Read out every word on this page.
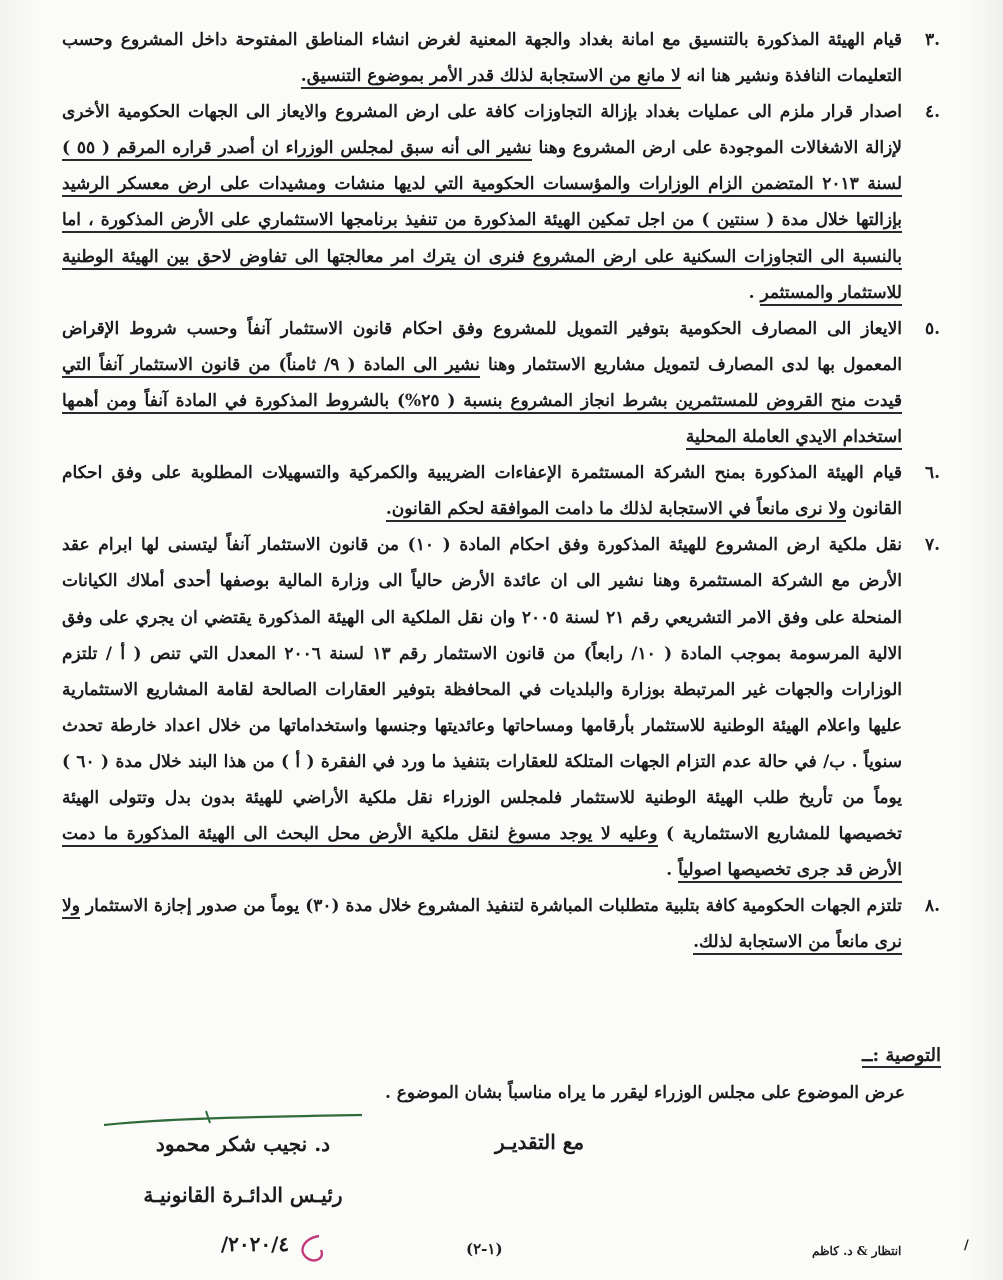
.٣
قيام الهيئة المذكورة بالتنسيق مع امانة بغداد والجهة المعنية لغرض انشاء المناطق المفتوحة داخل المشروع وحسب التعليمات النافذة ونشير هنا انه لا مانع من الاستجابة لذلك قدر الأمر بموضوع التنسيق.

.٤
اصدار قرار ملزم الى عمليات بغداد بإزالة التجاوزات كافة على ارض المشروع والايعاز الى الجهات الحكومية الأخرى لإزالة الاشغالات الموجودة على ارض المشروع وهنا نشير الى أنه سبق لمجلس الوزراء ان أصدر قراره المرقم ( ٥٥ ) لسنة ٢٠١٣ المتضمن الزام الوزارات والمؤسسات الحكومية التي لديها منشات ومشيدات على ارض معسكر الرشيد بإزالتها خلال مدة ( سنتين ) من اجل تمكين الهيئة المذكورة من تنفيذ برنامجها الاستثماري على الأرض المذكورة ، اما بالنسبة الى التجاوزات السكنية على ارض المشروع فنرى ان يترك امر معالجتها الى تفاوض لاحق بين الهيئة الوطنية للاستثمار والمستثمر .

.٥
الايعاز الى المصارف الحكومية بتوفير التمويل للمشروع وفق احكام قانون الاستثمار آنفاً وحسب شروط الإقراض المعمول بها لدى المصارف لتمويل مشاريع الاستثمار وهنا نشير الى المادة ( ٩/ ثامناً) من قانون الاستثمار آنفاً التي قيدت منح القروض للمستثمرين بشرط انجاز المشروع بنسبة ( ٢٥%) بالشروط المذكورة في المادة آنفاً ومن أهمها استخدام الايدي العاملة المحلية

.٦
قيام الهيئة المذكورة بمنح الشركة المستثمرة الإعفاءات الضريبية والكمركية والتسهيلات المطلوبة على وفق احكام القانون ولا نرى مانعاً في الاستجابة لذلك ما دامت الموافقة لحكم القانون.

.٧
نقل ملكية ارض المشروع للهيئة المذكورة وفق احكام المادة ( ١٠) من قانون الاستثمار آنفاً ليتسنى لها ابرام عقد الأرض مع الشركة المستثمرة وهنا نشير الى ان عائدة الأرض حالياً الى وزارة المالية بوصفها أحدى أملاك الكيانات المنحلة على وفق الامر التشريعي رقم ٢١ لسنة ٢٠٠٥ وان نقل الملكية الى الهيئة المذكورة يقتضي ان يجري على وفق الالية المرسومة بموجب المادة ( ١٠/ رابعاً) من قانون الاستثمار رقم ١٣ لسنة ٢٠٠٦ المعدل التي تنص ( أ / تلتزم الوزارات والجهات غير المرتبطة بوزارة والبلديات في المحافظة بتوفير العقارات الصالحة لقامة المشاريع الاستثمارية عليها واعلام الهيئة الوطنية للاستثمار بأرقامها ومساحاتها وعائديتها وجنسها واستخداماتها من خلال اعداد خارطة تحدث سنوياً . ب/ في حالة عدم التزام الجهات المتلكة للعقارات بتنفيذ ما ورد في الفقرة ( أ ) من هذا البند خلال مدة ( ٦٠ ) يوماً من تأريخ طلب الهيئة الوطنية للاستثمار فلمجلس الوزراء نقل ملكية الأراضي للهيئة بدون بدل وتتولى الهيئة تخصيصها للمشاريع الاستثمارية ) وعليه لا يوجد مسوغ لنقل ملكية الأرض محل البحث الى الهيئة المذكورة ما دمت الأرض قد جرى تخصيصها اصولياً .

.٨
تلتزم الجهات الحكومية كافة بتلبية متطلبات المباشرة لتنفيذ المشروع خلال مدة (٣٠) يوماً من صدور إجازة الاستثمار ولا نرى مانعاً من الاستجابة لذلك.

التوصية :ــ
عرض الموضوع على مجلس الوزراء ليقرر ما يراه مناسباً بشان الموضوع .
مع التقديـر
د. نجيب شكر محمود
رئيـس الدائـرة القانونيـة
٢٠٢٠/٤/	(١-٢)	انتظار & د. كاظم	/
